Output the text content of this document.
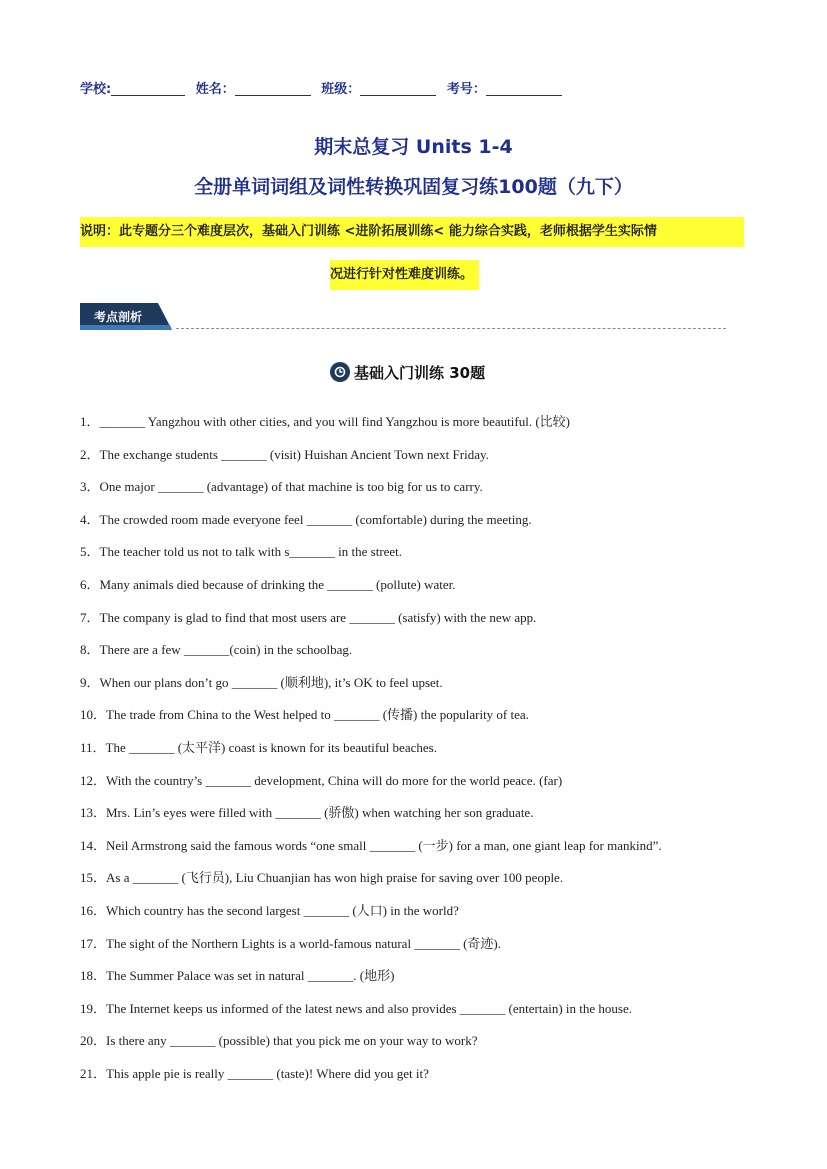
学校:	姓名：	班级：	考号：
期末总复习 Units 1-4
全册单词词组及词性转换巩固复习练100题（九下）
说明：此专题分三个难度层次，基础入门训练 <进阶拓展训练< 能力综合实践，老师根据学生实际情
况进行针对性难度训练。
考点剖析
基础入门训练 30题
1．_______ Yangzhou with other cities, and you will find Yangzhou is more beautiful. (比较)
2．The exchange students _______ (visit) Huishan Ancient Town next Friday.
3．One major _______ (advantage) of that machine is too big for us to carry.
4．The crowded room made everyone feel _______ (comfortable) during the meeting.
5．The teacher told us not to talk with s_______ in the street.
6．Many animals died because of drinking the _______ (pollute) water.
7．The company is glad to find that most users are _______ (satisfy) with the new app.
8．There are a few _______(coin) in the schoolbag.
9．When our plans don’t go _______ (顺利地), it’s OK to feel upset.
10．The trade from China to the West helped to _______ (传播) the popularity of tea.
11．The _______ (太平洋) coast is known for its beautiful beaches.
12．With the country’s _______ development, China will do more for the world peace. (far)
13．Mrs. Lin’s eyes were filled with _______ (骄傲) when watching her son graduate.
14．Neil Armstrong said the famous words “one small _______ (一步) for a man, one giant leap for mankind”.
15．As a _______ (飞行员), Liu Chuanjian has won high praise for saving over 100 people.
16．Which country has the second largest _______ (人口) in the world?
17．The sight of the Northern Lights is a world-famous natural _______ (奇迹).
18．The Summer Palace was set in natural _______. (地形)
19．The Internet keeps us informed of the latest news and also provides _______ (entertain) in the house.
20．Is there any _______ (possible) that you pick me on your way to work?
21．This apple pie is really _______ (taste)! Where did you get it?
